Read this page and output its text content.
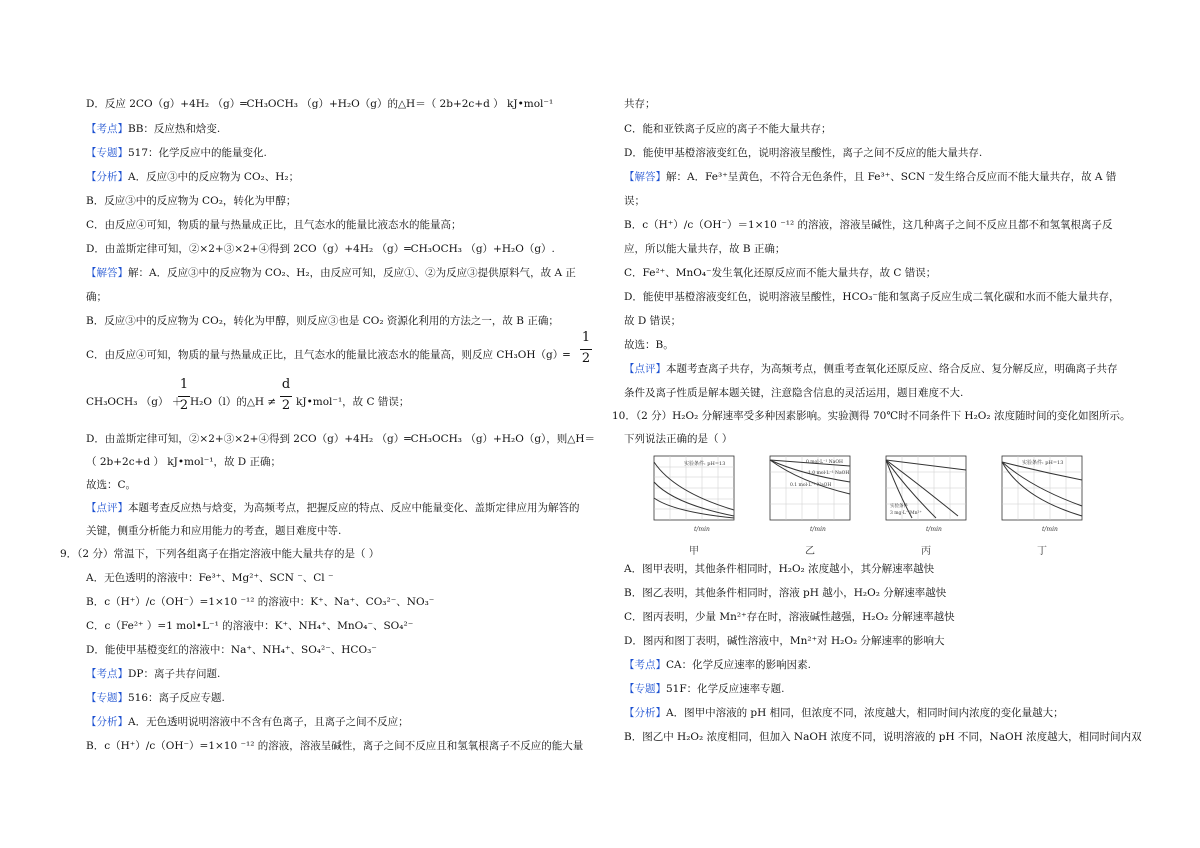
D．反应 2CO（g）+4H₂ （g）═CH₃OCH₃ （g）+H₂O（g）的△H＝（ 2b+2c+d ） kJ•mol⁻¹
【考点】BB：反应热和焓变.
【专题】517：化学反应中的能量变化.
【分析】A．反应③中的反应物为 CO₂、H₂；
B．反应③中的反应物为 CO₂，转化为甲醇；
C．由反应④可知，物质的量与热量成正比，且气态水的能量比液态水的能量高；
D．由盖斯定律可知，②×2+③×2+④得到 2CO（g）+4H₂ （g）═CH₃OCH₃ （g）+H₂O（g）.
【解答】解：A．反应③中的反应物为 CO₂、H₂，由反应可知，反应①、②为反应③提供原料气，故 A 正
确；
B．反应③中的反应物为 CO₂，转化为甲醇，则反应③也是 CO₂ 资源化利用的方法之一，故 B 正确；
C．由反应④可知，物质的量与热量成正比，且气态水的能量比液态水的能量高，则反应 CH₃OH（g）═
1
2
CH₃OCH₃ （g） ＋
1
2 H₂O（l）的△H ≠
d
2 kJ•mol⁻¹，故 C 错误；
D．由盖斯定律可知，②×2+③×2+④得到 2CO（g）+4H₂ （g）═CH₃OCH₃ （g）+H₂O（g），则△H＝
（ 2b+2c+d ） kJ•mol⁻¹，故 D 正确；
故选：C。
【点评】本题考查反应热与焓变，为高频考点，把握反应的特点、反应中能量变化、盖斯定律应用为解答的
关键，侧重分析能力和应用能力的考查，题目难度中等.
9．（2 分）常温下，下列各组离子在指定溶液中能大量共存的是（ ）
A．无色透明的溶液中：Fe³⁺、Mg²⁺、SCN ⁻、Cl ⁻
B．c（H⁺）/c（OH⁻）=1×10 ⁻¹² 的溶液中：K⁺、Na⁺、CO₃²⁻、NO₃⁻
C．c（Fe²⁺ ）=1 mol•L⁻¹ 的溶液中：K⁺、NH₄⁺、MnO₄⁻、SO₄²⁻
D．能使甲基橙变红的溶液中：Na⁺、NH₄⁺、SO₄²⁻、HCO₃⁻
【考点】DP：离子共存问题.
【专题】516：离子反应专题.
【分析】A．无色透明说明溶液中不含有色离子，且离子之间不反应；
B．c（H⁺）/c（OH⁻）=1×10 ⁻¹² 的溶液，溶液呈碱性，离子之间不反应且和氢氧根离子不反应的能大量
共存；
C．能和亚铁离子反应的离子不能大量共存；
D．能使甲基橙溶液变红色，说明溶液呈酸性，离子之间不反应的能大量共存.
【解答】解：A．Fe³⁺呈黄色，不符合无色条件，且 Fe³⁺、SCN ⁻发生络合反应而不能大量共存，故 A 错
误；
B．c（H⁺）/c（OH⁻）＝1×10 ⁻¹² 的溶液，溶液呈碱性，这几种离子之间不反应且都不和氢氧根离子反
应，所以能大量共存，故 B 正确；
C．Fe²⁺、MnO₄⁻发生氧化还原反应而不能大量共存，故 C 错误；
D．能使甲基橙溶液变红色，说明溶液呈酸性，HCO₃⁻能和氢离子反应生成二氧化碳和水而不能大量共存，
故 D 错误；
故选：B。
【点评】本题考查离子共存，为高频考点，侧重考查氧化还原反应、络合反应、复分解反应，明确离子共存
条件及离子性质是解本题关键，注意隐含信息的灵活运用，题目难度不大.
10．（2 分）H₂O₂ 分解速率受多种因素影响。实验测得 70℃时不同条件下 H₂O₂ 浓度随时间的变化如图所示。
下列说法正确的是（ ）
实验条件: pH=13
t/min
甲
0 mol·L⁻¹ NaOH
1.0 mol·L⁻¹ NaOH
0.1 mol·L⁻¹ NaOH
t/min
乙
实验条件
3 mg·L⁻¹Mn²⁺
t/min
丙
实验条件: pH=13
t/min
丁
A．图甲表明，其他条件相同时，H₂O₂ 浓度越小，其分解速率越快
B．图乙表明，其他条件相同时，溶液 pH 越小，H₂O₂ 分解速率越快
C．图丙表明，少量 Mn²⁺存在时，溶液碱性越强，H₂O₂ 分解速率越快
D．图丙和图丁表明，碱性溶液中，Mn²⁺对 H₂O₂ 分解速率的影响大
【考点】CA：化学反应速率的影响因素.
【专题】51F：化学反应速率专题.
【分析】A．图甲中溶液的 pH 相同，但浓度不同，浓度越大，相同时间内浓度的变化量越大；
B．图乙中 H₂O₂ 浓度相同，但加入 NaOH 浓度不同，说明溶液的 pH 不同，NaOH 浓度越大，相同时间内双
